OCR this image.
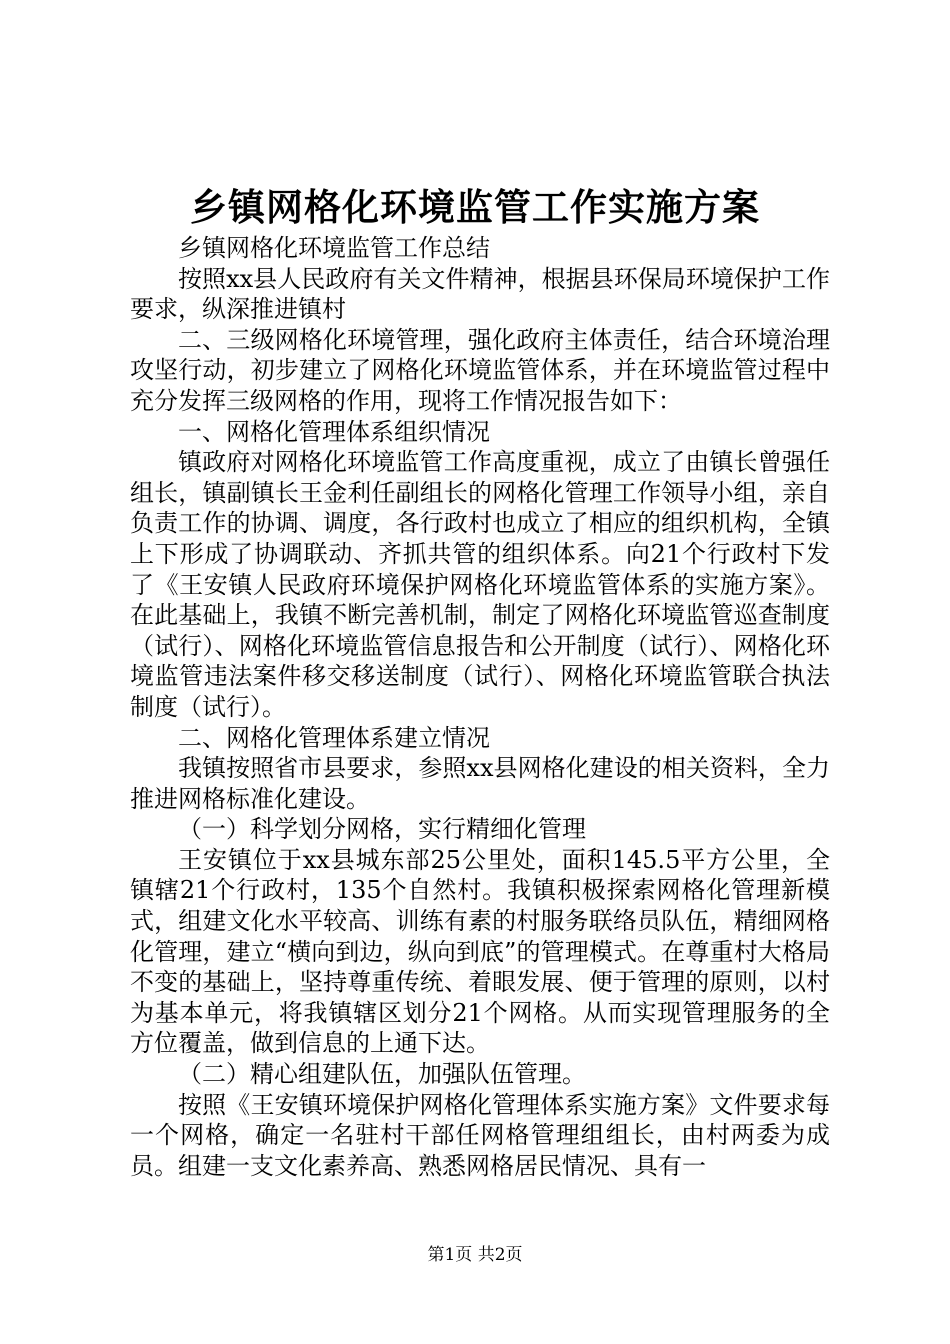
乡镇网格化环境监管工作实施方案

乡镇网格化环境监管工作总结

按照xx县人民政府有关文件精神，根据县环保局环境保护工作要求，纵深推进镇村

二、三级网格化环境管理，强化政府主体责任，结合环境治理攻坚行动，初步建立了网格化环境监管体系，并在环境监管过程中充分发挥三级网格的作用，现将工作情况报告如下：

一、网格化管理体系组织情况

镇政府对网格化环境监管工作高度重视，成立了由镇长曾强任组长，镇副镇长王金利任副组长的网格化管理工作领导小组，亲自负责工作的协调、调度，各行政村也成立了相应的组织机构，全镇上下形成了协调联动、齐抓共管的组织体系。向21个行政村下发了《王安镇人民政府环境保护网格化环境监管体系的实施方案》。在此基础上，我镇不断完善机制，制定了网格化环境监管巡查制度（试行）、网格化环境监管信息报告和公开制度（试行）、网格化环境监管违法案件移交移送制度（试行）、网格化环境监管联合执法制度（试行）。

二、网格化管理体系建立情况

我镇按照省市县要求，参照xx县网格化建设的相关资料，全力推进网格标准化建设。

（一）科学划分网格，实行精细化管理

王安镇位于xx县城东部25公里处，面积145.5平方公里，全镇辖21个行政村，135个自然村。我镇积极探索网格化管理新模式，组建文化水平较高、训练有素的村服务联络员队伍，精细网格化管理，建立“横向到边，纵向到底”的管理模式。在尊重村大格局不变的基础上，坚持尊重传统、着眼发展、便于管理的原则，以村为基本单元，将我镇辖区划分21个网格。从而实现管理服务的全方位覆盖，做到信息的上通下达。

（二）精心组建队伍，加强队伍管理。

按照《王安镇环境保护网格化管理体系实施方案》文件要求每一个网格，确定一名驻村干部任网格管理组组长，由村两委为成员。组建一支文化素养高、熟悉网格居民情况、具有一

第1页 共2页
